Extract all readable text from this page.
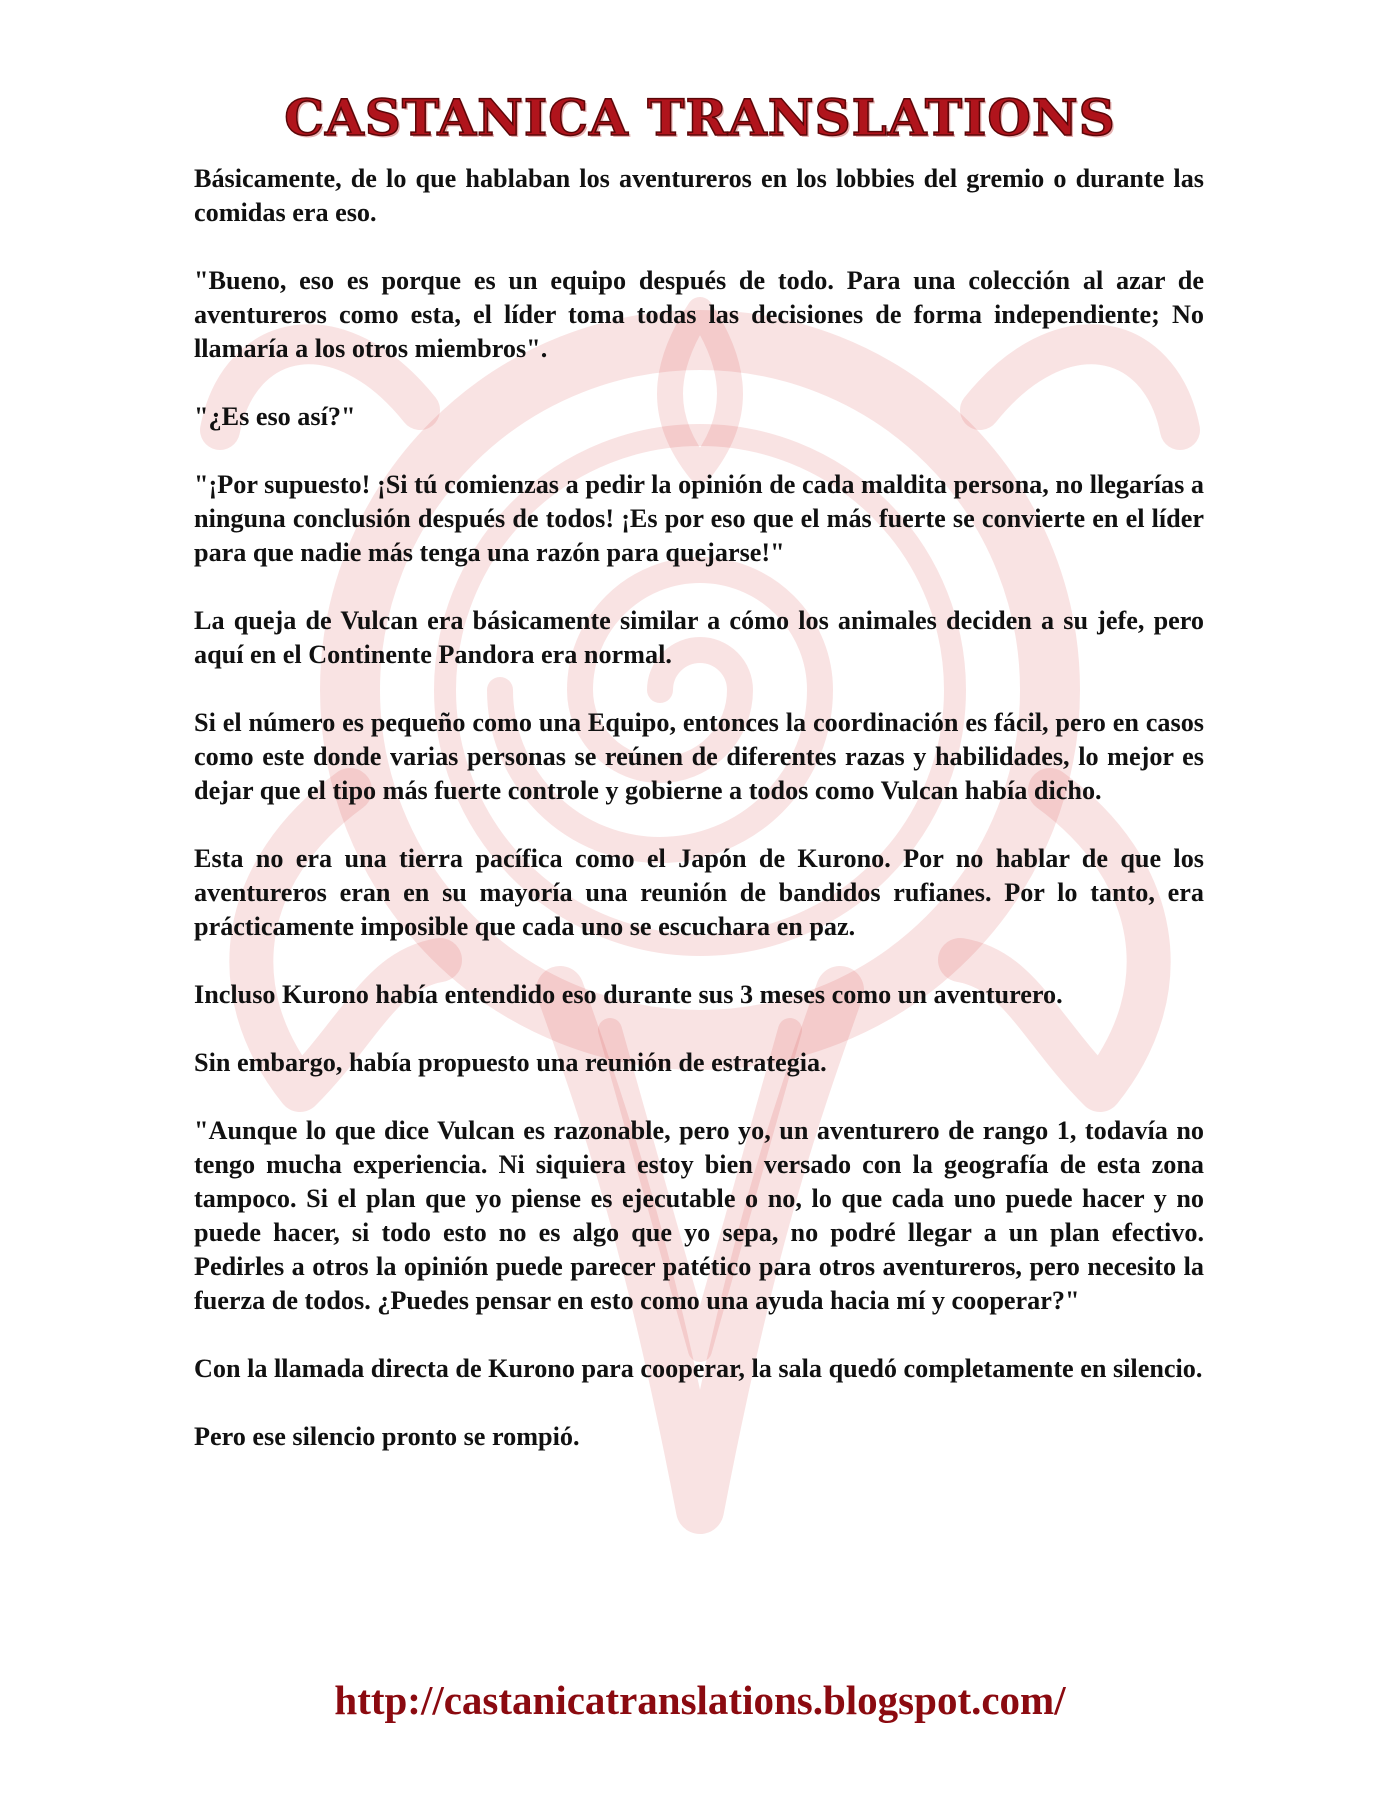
CASTANICA TRANSLATIONS

Básicamente, de lo que hablaban los aventureros en los lobbies del gremio o durante las comidas era eso.

"Bueno, eso es porque es un equipo después de todo. Para una colección al azar de aventureros como esta, el líder toma todas las decisiones de forma independiente; No llamaría a los otros miembros".

"¿Es eso así?"

"¡Por supuesto! ¡Si tú comienzas a pedir la opinión de cada maldita persona, no llegarías a ninguna conclusión después de todos! ¡Es por eso que el más fuerte se convierte en el líder para que nadie más tenga una razón para quejarse!"

La queja de Vulcan era básicamente similar a cómo los animales deciden a su jefe, pero aquí en el Continente Pandora era normal.

Si el número es pequeño como una Equipo, entonces la coordinación es fácil, pero en casos como este donde varias personas se reúnen de diferentes razas y habilidades, lo mejor es dejar que el tipo más fuerte controle y gobierne a todos como Vulcan había dicho.

Esta no era una tierra pacífica como el Japón de Kurono. Por no hablar de que los aventureros eran en su mayoría una reunión de bandidos rufianes. Por lo tanto, era prácticamente imposible que cada uno se escuchara en paz.

Incluso Kurono había entendido eso durante sus 3 meses como un aventurero.

Sin embargo, había propuesto una reunión de estrategia.

"Aunque lo que dice Vulcan es razonable, pero yo, un aventurero de rango 1, todavía no tengo mucha experiencia. Ni siquiera estoy bien versado con la geografía de esta zona tampoco. Si el plan que yo piense es ejecutable o no, lo que cada uno puede hacer y no puede hacer, si todo esto no es algo que yo sepa, no podré llegar a un plan efectivo. Pedirles a otros la opinión puede parecer patético para otros aventureros, pero necesito la fuerza de todos. ¿Puedes pensar en esto como una ayuda hacia mí y cooperar?"

Con la llamada directa de Kurono para cooperar, la sala quedó completamente en silencio.

Pero ese silencio pronto se rompió.

http://castanicatranslations.blogspot.com/
